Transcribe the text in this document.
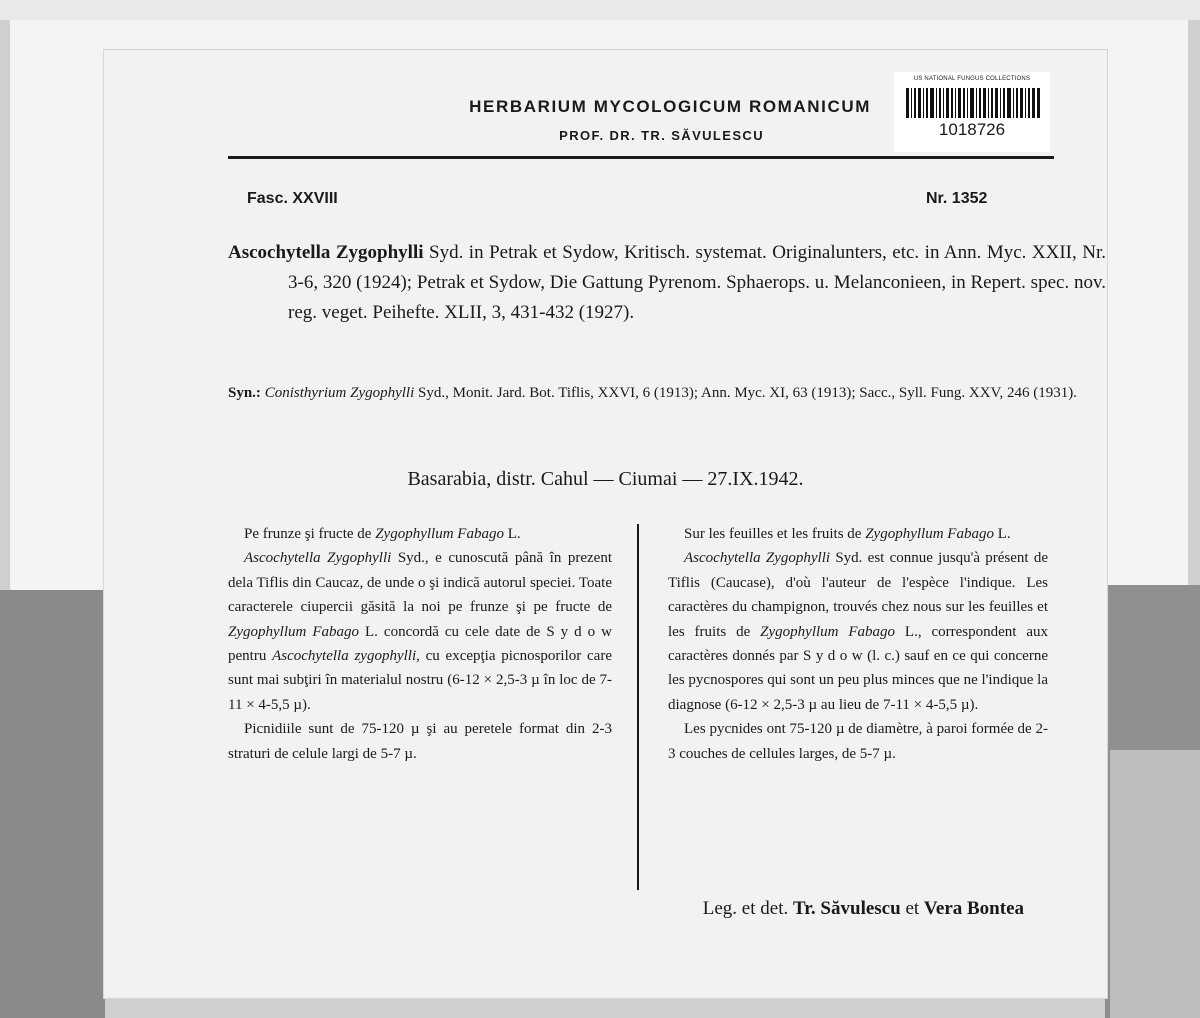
HERBARIUM MYCOLOGICUM ROMANICUM
PROF. DR. TR. SĂVULESCU
US NATIONAL FUNGUS COLLECTIONS
1018726
Fasc. XXVIII	Nr. 1352
Ascochytella Zygophylli Syd. in Petrak et Sydow, Kritisch. systemat. Originalunters, etc. in Ann. Myc. XXII, Nr. 3-6, 320 (1924); Petrak et Sydow, Die Gattung Pyrenom. Sphaerops. u. Melanconieen, in Repert. spec. nov. reg. veget. Peihefte. XLII, 3, 431-432 (1927).
Syn.: Conisthyrium Zygophylli Syd., Monit. Jard. Bot. Tiflis, XXVI, 6 (1913); Ann. Myc. XI, 63 (1913); Sacc., Syll. Fung. XXV, 246 (1931).
Basarabia, distr. Cahul — Ciumai — 27.IX.1942.

Pe frunze şi fructe de Zygophyllum Fabago L.

Ascochytella Zygophylli Syd., e cunoscută până în prezent dela Tiflis din Caucaz, de unde o şi indică autorul speciei. Toate caracterele ciupercii găsită la noi pe frunze şi pe fructe de Zygophyllum Fabago L. concordă cu cele date de S y d o w pentru Ascochytella zygophylli, cu excepţia picnosporilor care sunt mai subţiri în materialul nostru (6-12 × 2,5-3 µ în loc de 7-11 × 4-5,5 µ).

Picnidiile sunt de 75-120 µ şi au peretele format din 2-3 straturi de celule largi de 5-7 µ.

Sur les feuilles et les fruits de Zygophyllum Fabago L.

Ascochytella Zygophylli Syd. est connue jusqu'à présent de Tiflis (Caucase), d'où l'auteur de l'espèce l'indique. Les caractères du champignon, trouvés chez nous sur les feuilles et les fruits de Zygophyllum Fabago L., correspondent aux caractères donnés par S y d o w (l. c.) sauf en ce qui concerne les pycnospores qui sont un peu plus minces que ne l'indique la diagnose (6-12 × 2,5-3 µ au lieu de 7-11 × 4-5,5 µ).

Les pycnides ont 75-120 µ de diamètre, à paroi formée de 2-3 couches de cellules larges, de 5-7 µ.

Leg. et det. Tr. Săvulescu et Vera Bontea
